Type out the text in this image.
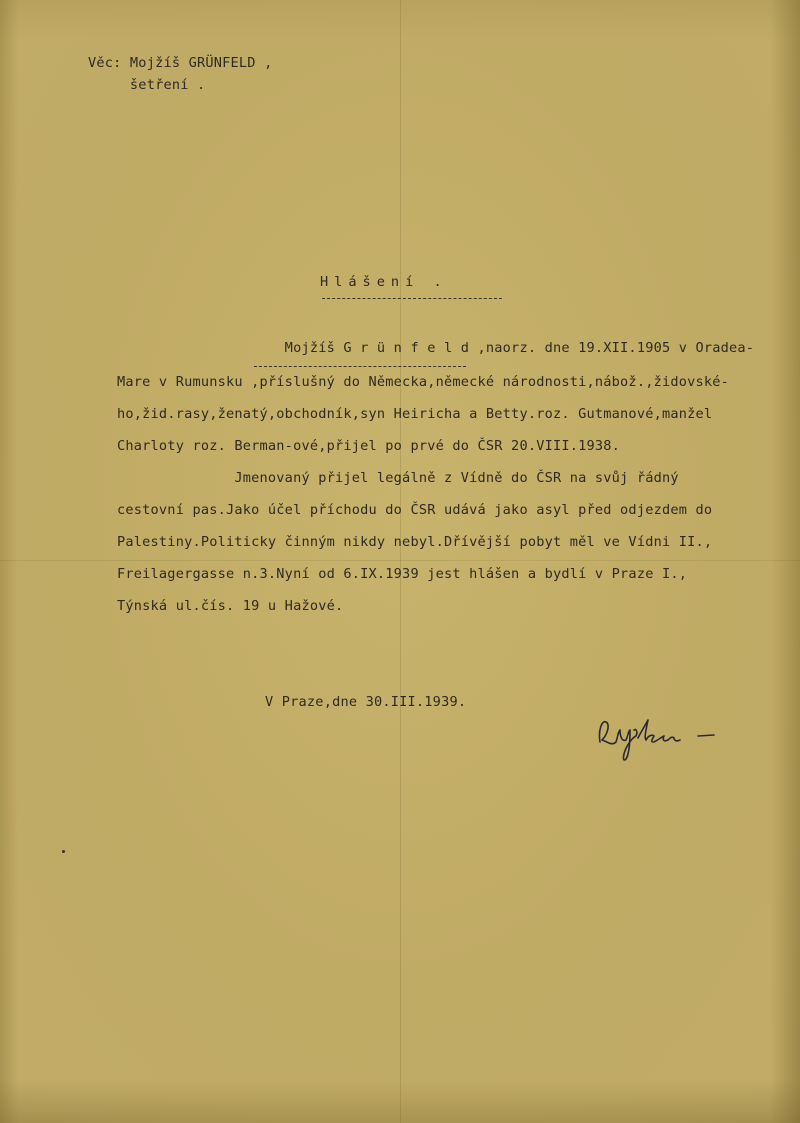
Věc: Mojžíš GRÜNFELD ,
šetření .
Hlášení .
Mojžíš G r ü n f e l d ,naorz. dne 19.XII.1905 v Oradea-
Mare v Rumunsku ,příslušný do Německa,německé národnosti,nábož.,židovské-
ho,žid.rasy,ženatý,obchodník,syn Heiricha a Betty.roz. Gutmanové,manžel
Charloty roz. Berman-ové,přijel po prvé do ČSR 20.VIII.1938.
Jmenovaný přijel legálně z Vídně do ČSR na svůj řádný
cestovní pas.Jako účel příchodu do ČSR udává jako asyl před odjezdem do
Palestiny.Politicky činným nikdy nebyl.Dřívější pobyt měl ve Vídni II.,
Freilagergasse n.3.Nyní od 6.IX.1939 jest hlášen a bydlí v Praze I.,
Týnská ul.čís. 19 u Hažové.
V Praze,dne 30.III.1939.
